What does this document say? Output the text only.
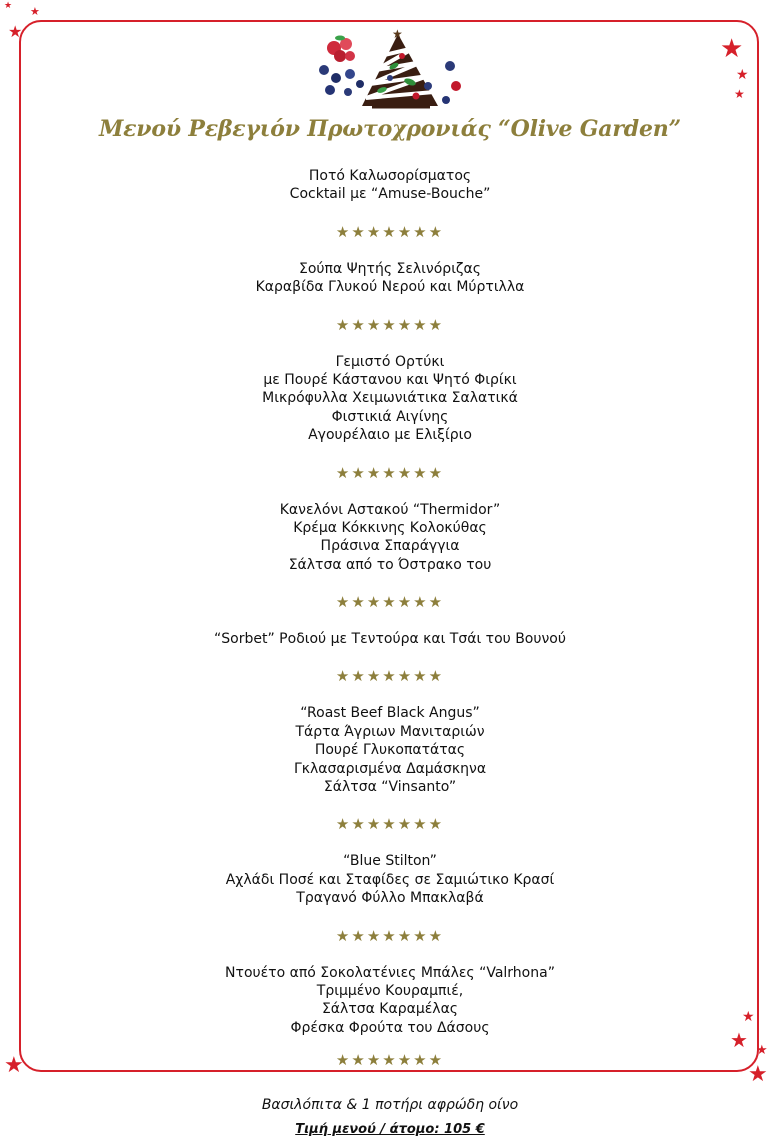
★
★
★
★
★
★
★
★
★ ★
★
★
Μενού Ρεβεγιόν Πρωτοχρονιάς “Olive Garden”
Ποτό Καλωσορίσματος
Cocktail με “Amuse-Bouche”
★★★★★★★
Σούπα Ψητής Σελινόριζας
Καραβίδα Γλυκού Νερού και Μύρτιλλα
★★★★★★★
Γεμιστό Ορτύκι
με Πουρέ Κάστανου και Ψητό Φιρίκι
Μικρόφυλλα Χειμωνιάτικα Σαλατικά
Φιστικιά Αιγίνης
Αγουρέλαιο με Ελιξίριο
★★★★★★★
Κανελόνι Αστακού “Thermidor”
Κρέμα Κόκκινης Κολοκύθας
Πράσινα Σπαράγγια
Σάλτσα από το Όστρακο του
★★★★★★★
“Sorbet” Ροδιού με Τεντούρα και Τσάι του Βουνού
★★★★★★★
“Roast Beef Black Angus”
Τάρτα Άγριων Μανιταριών
Πουρέ Γλυκοπατάτας
Γκλασαρισμένα Δαμάσκηνα
Σάλτσα “Vinsanto”
★★★★★★★
“Blue Stilton”
Αχλάδι Ποσέ και Σταφίδες σε Σαμιώτικο Κρασί
Τραγανό Φύλλο Μπακλαβά
★★★★★★★
Ντουέτο από Σοκολατένιες Μπάλες “Valrhona”
Τριμμένο Κουραμπιέ,
Σάλτσα Καραμέλας
Φρέσκα Φρούτα του Δάσους
★★★★★★★
Βασιλόπιτα & 1 ποτήρι αφρώδη οίνο
Τιμή μενού / άτομο: 105 €
